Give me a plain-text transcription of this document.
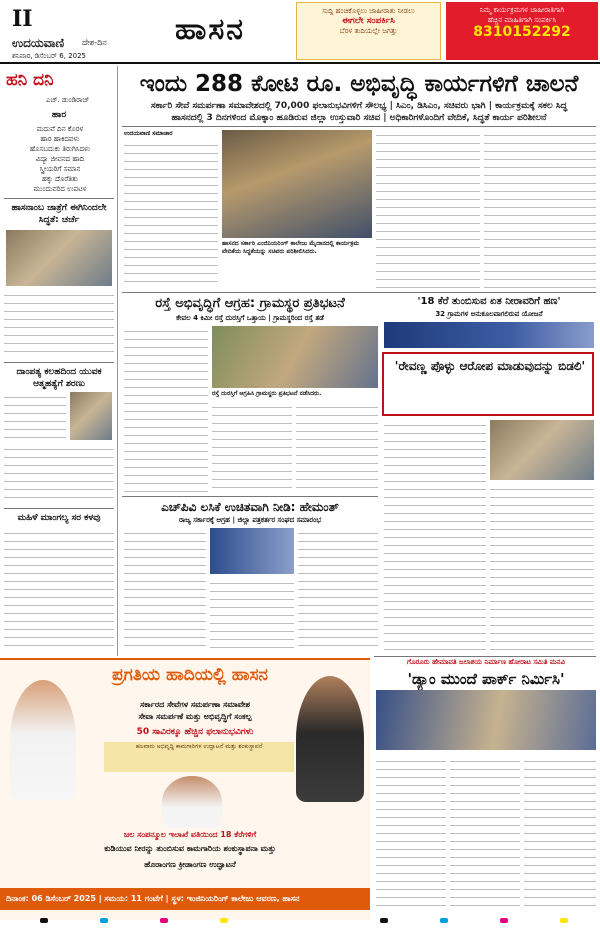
II
ಉದಯವಾಣಿ ದೇಶ-ದಿನ
ಶನಿವಾರ, ಡಿಸೆಂಬರ್ 6, 2025
ಹಾಸನ
ಸುದ್ದಿ ಹಂಚಿಕೊಳ್ಳಲು ಜಾಹೀರಾತು ನೀಡಲು
ಈಗಲೇ ಸಂಪರ್ಕಿಸಿ
ಬೆರಳ ತುದಿಯಲ್ಲೇ ಜಗತ್ತು
ನಿಮ್ಮ ಕಾರ್ಯಕ್ರಮಗಳ ಜಾಹೀರಾತಿಗಾಗಿ
ಹೆಚ್ಚಿನ ಮಾಹಿತಿಗಾಗಿ ಸಂಪರ್ಕಿಸಿ
8310152292
ಹನಿ ದನಿ
ಎಚ್. ಡುಂಡಿರಾಜ್
ಹಾರ
ಮದುವೆ ದಿನ ಕೊರಳ
ಹಾರ ಹಾಕಿದವಳು
ಹೊಸಬದುಕು ತಿರುಗಿಸಿದಳು
ವಿದ್ಯಾ ಜೀವನದ ಹಾದಿ
ಸ್ತ್ರೀಯರಿಗೆ ಸಮಾನ
ಹಕ್ಕು ದೊರೆತಿತು
ಮುಂದುವರಿದ ಉಪಟಳ
ಹಾಸನಾಂಬ ಜಾತ್ರೆಗೆ ಈಗಿನಿಂದಲೇ ಸಿದ್ಧತೆ: ಚರ್ಚೆ
ದಾಂಪತ್ಯ ಕಲಹದಿಂದ ಯುವಕ ಆತ್ಮಹತ್ಯೆಗೆ ಶರಣು
ಮಹಿಳೆ ಮಾಂಗಲ್ಯ ಸರ ಕಳವು
ಇಂದು 288 ಕೋಟಿ ರೂ. ಅಭಿವೃದ್ಧಿ ಕಾರ್ಯಗಳಿಗೆ ಚಾಲನೆ
ಸರ್ಕಾರಿ ಸೇವೆ ಸಮರ್ಪಣಾ ಸಮಾವೇಶದಲ್ಲಿ 70,000 ಫಲಾನುಭವಿಗಳಿಗೆ ಸೌಲಭ್ಯ | ಸಿಎಂ, ಡಿಸಿಎಂ, ಸಚಿವರು ಭಾಗಿ | ಕಾರ್ಯಕ್ರಮಕ್ಕೆ ಸಕಲ ಸಿದ್ಧ
ಹಾಸನದಲ್ಲಿ 3 ದಿನಗಳಿಂದ ಮೊಕ್ಕಾಂ ಹೂಡಿರುವ ಜಿಲ್ಲಾ ಉಸ್ತುವಾರಿ ಸಚಿವ | ಅಧಿಕಾರಿಗಳೊಂದಿಗೆ ವೇದಿಕೆ, ಸಿದ್ಧತೆ ಕಾರ್ಯ ಪರಿಶೀಲನೆ
ಉದಯವಾಣಿ ಸಮಾಚಾರ
ಹಾಸನದ ಸರ್ಕಾರಿ ಎಂಜಿನಿಯರಿಂಗ್ ಕಾಲೇಜು ಮೈದಾನದಲ್ಲಿ ಕಾರ್ಯಕ್ರಮ ವೇದಿಕೆಯ ಸಿದ್ಧತೆಯನ್ನು ಸಚಿವರು ಪರಿಶೀಲಿಸಿದರು.
ರಸ್ತೆ ಅಭಿವೃದ್ಧಿಗೆ ಆಗ್ರಹ: ಗ್ರಾಮಸ್ಥರ ಪ್ರತಿಭಟನೆ
ಕೇವಲ 4 ಕಿಮೀ ರಸ್ತೆ ದುರಸ್ತಿಗೆ ಒತ್ತಾಯ | ಗ್ರಾಮಸ್ಥರಿಂದ ರಸ್ತೆ ತಡೆ
ರಸ್ತೆ ದುರಸ್ತಿಗೆ ಆಗ್ರಹಿಸಿ ಗ್ರಾಮಸ್ಥರು ಪ್ರತಿಭಟನೆ ನಡೆಸಿದರು.
'18 ಕೆರೆ ತುಂಬಿಸುವ ಏತ ನೀರಾವರಿಗೆ ಹಣ'
32 ಗ್ರಾಮಗಳ ಅನುಕೂಲವಾಗಲಿರುವ ಯೋಜನೆ
'ರೇವಣ್ಣ ಪೊಳ್ಳು ಆರೋಪ ಮಾಡುವುದನ್ನು ಬಿಡಲಿ'
ಎಚ್‌ಪಿವಿ ಲಸಿಕೆ ಉಚಿತವಾಗಿ ನೀಡಿ: ಹೇಮಂತ್
ರಾಜ್ಯ ಸರ್ಕಾರಕ್ಕೆ ಆಗ್ರಹ | ಜಿಲ್ಲಾ ಪತ್ರಕರ್ತರ ಸಂಘದ ಸಮಾರಂಭ
ಪ್ರಗತಿಯ ಹಾದಿಯಲ್ಲಿ ಹಾಸನ
ಸರ್ಕಾರದ ಸೇವೆಗಳ ಸಮರ್ಪಣಾ ಸಮಾವೇಶ
ಸೇವಾ ಸಮರ್ಪಣೆ ಮತ್ತು ಅಭಿವೃದ್ಧಿಗೆ ಸಂಕಲ್ಪ
50 ಸಾವಿರಕ್ಕೂ ಹೆಚ್ಚಿನ ಫಲಾನುಭವಿಗಳು
ಹಲವಾರು ಅಭಿವೃದ್ಧಿ ಕಾಮಗಾರಿಗಳ ಉದ್ಘಾಟನೆ ಮತ್ತು ಶಂಕುಸ್ಥಾಪನೆ
ಜಲ ಸಂಪನ್ಮೂಲ ಇಲಾಖೆ ವತಿಯಿಂದ 18 ಕೆರೆಗಳಿಗೆ
ಕುಡಿಯುವ ನೀರನ್ನು ತುಂಬಿಸುವ ಕಾಮಗಾರಿಯ ಶಂಕುಸ್ಥಾಪನಾ ಮತ್ತು
ಹೊರಾಂಗಣ ಕ್ರೀಡಾಂಗಣ ಉದ್ಘಾಟನೆ
ದಿನಾಂಕ: 06 ಡಿಸೆಂಬರ್ 2025 | ಸಮಯ: 11 ಗಂಟೆಗೆ | ಸ್ಥಳ: ಇಂಜಿನಿಯರಿಂಗ್ ಕಾಲೇಜು ಆವರಣ, ಹಾಸನ
ಗೊರೂರು ಹೇಮಾವತಿ ಜಲಾಶಯ ನಿರ್ಮಾಣ ಹೋರಾಟ ಸಮಿತಿ ಮನವಿ
'ಡ್ಯಾಂ ಮುಂದೆ ಪಾರ್ಕ್ ನಿರ್ಮಿಸಿ'
